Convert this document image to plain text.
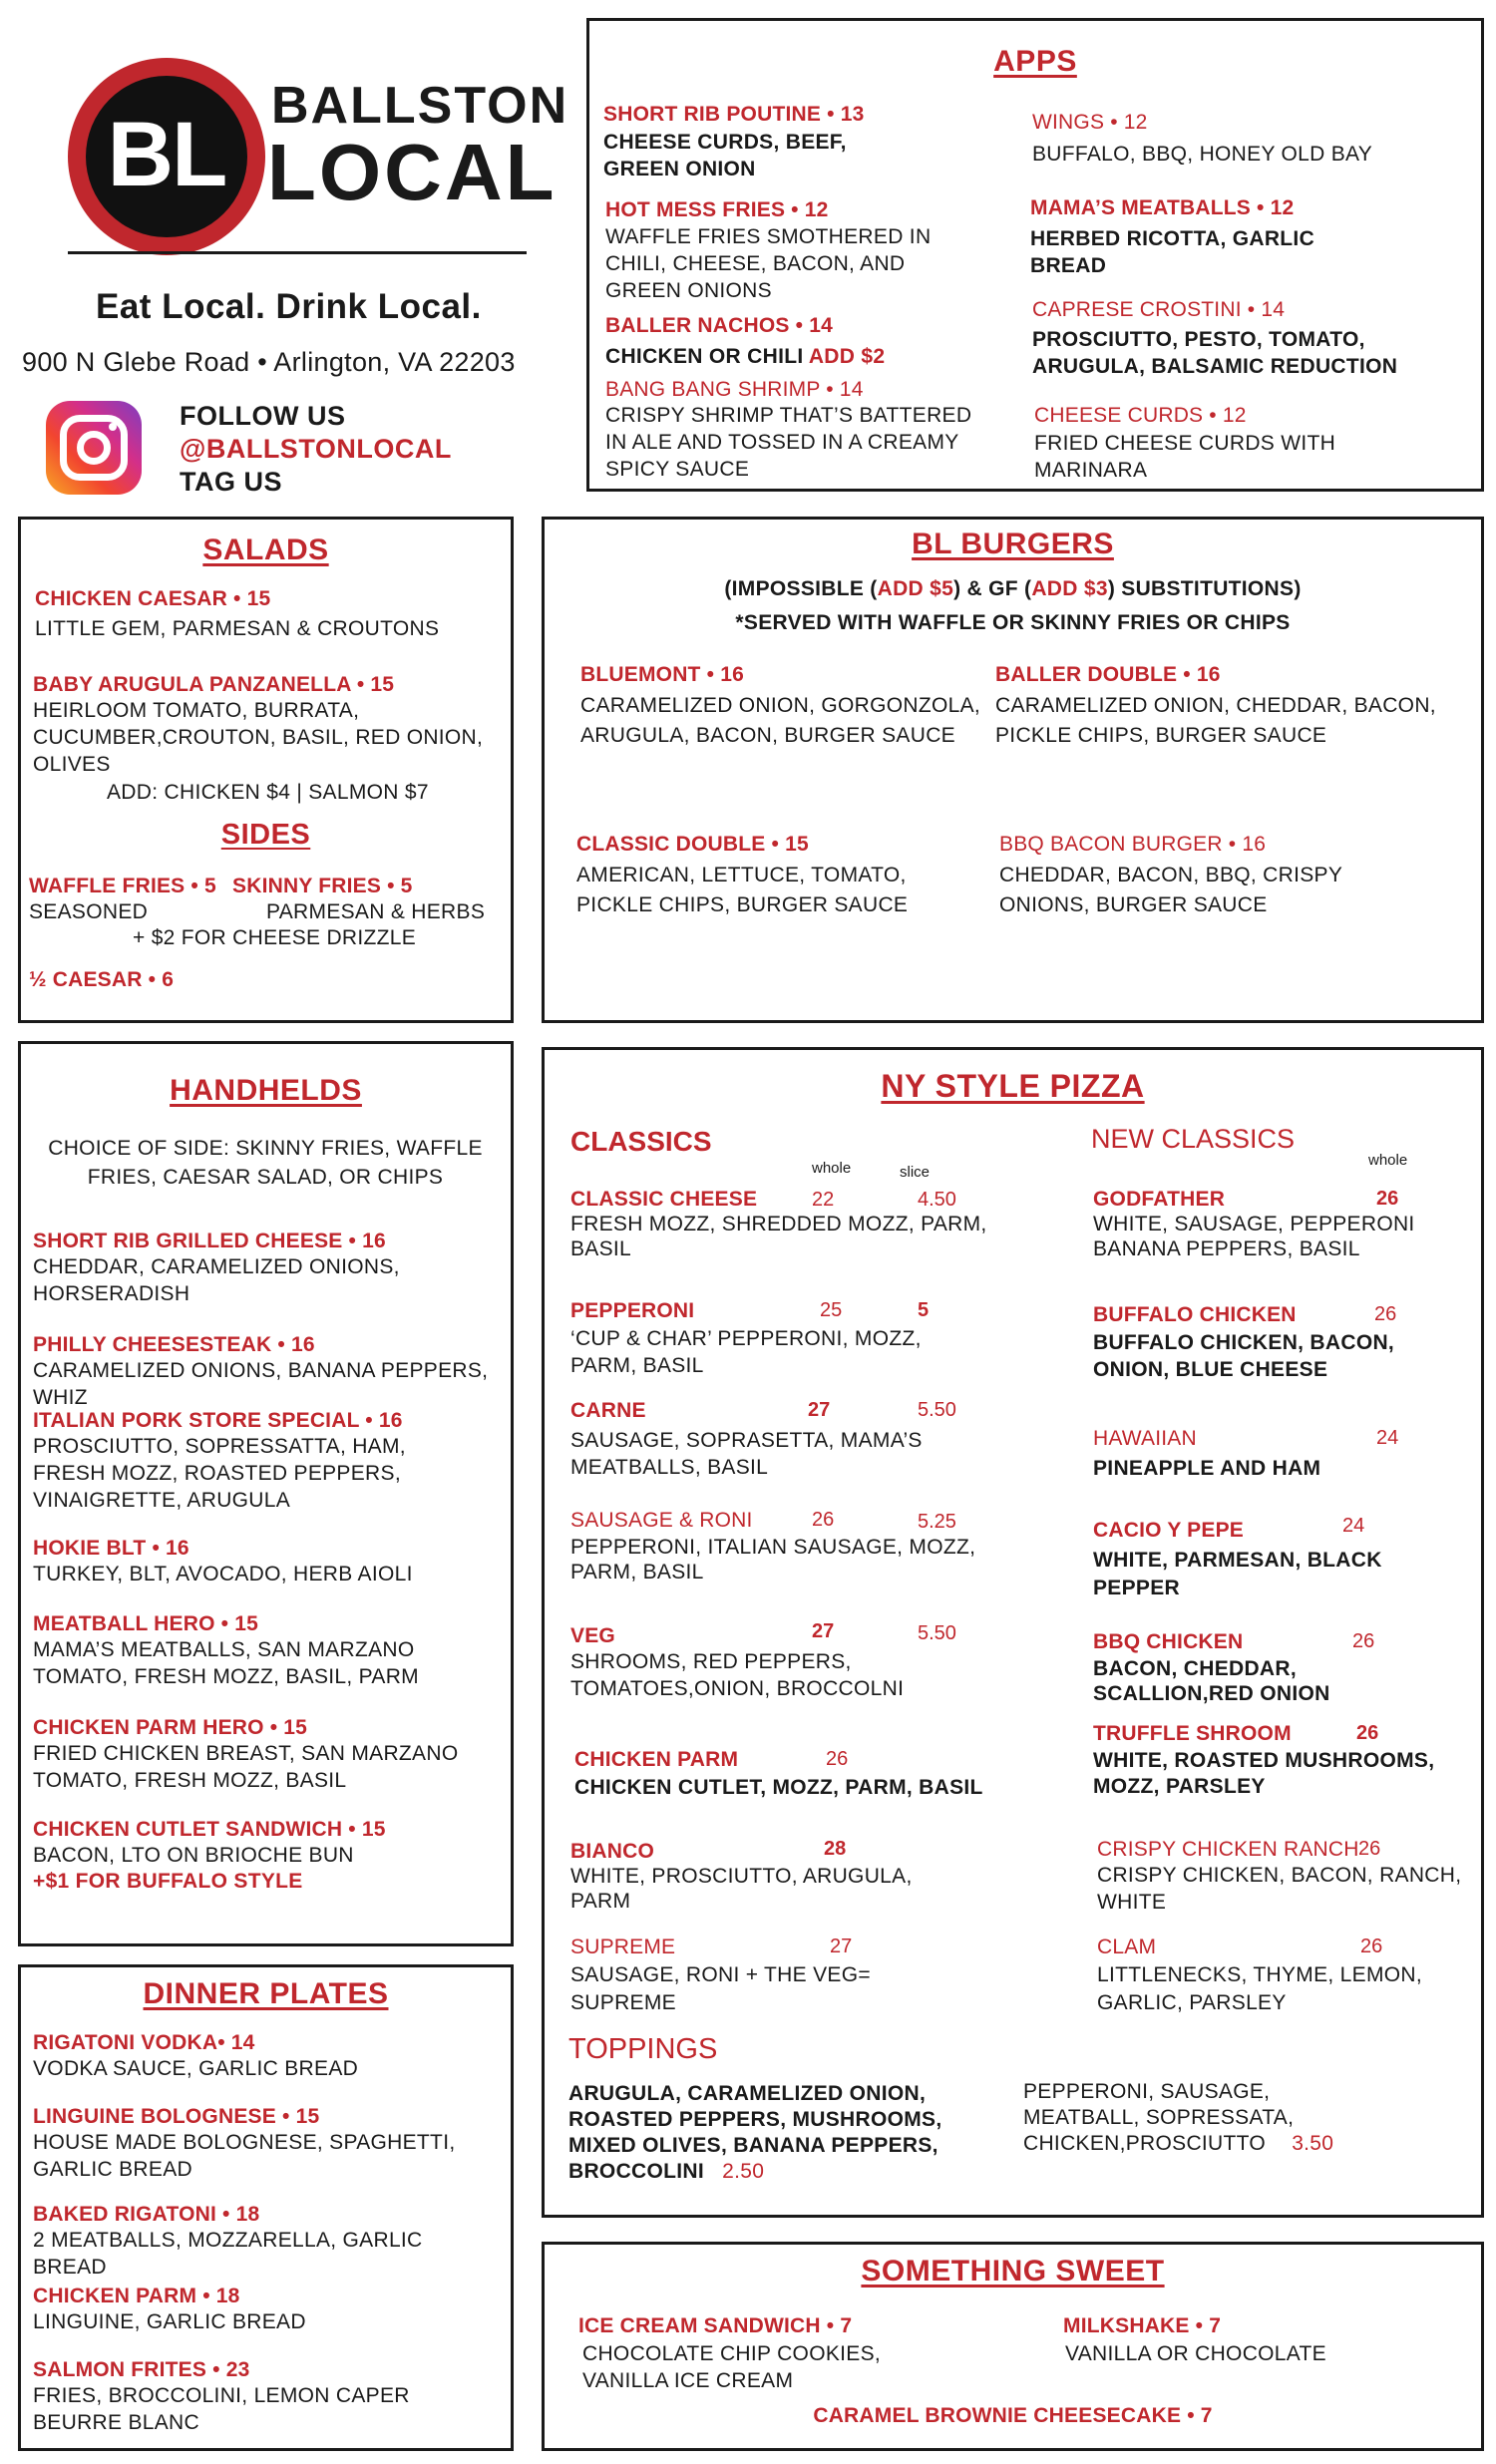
BL BALLSTON
LOCAL
Eat Local. Drink Local.
900 N Glebe Road • Arlington, VA 22203
FOLLOW US
@BALLSTONLOCAL
TAG US
APPS
SHORT RIB POUTINE • 13
CHEESE CURDS, BEEF, GREEN ONION
HOT MESS FRIES • 12
WAFFLE FRIES SMOTHERED IN CHILI, CHEESE, BACON, AND GREEN ONIONS
BALLER NACHOS • 14
CHICKEN OR CHILI ADD $2
BANG BANG SHRIMP • 14
CRISPY SHRIMP THAT’S BATTERED IN ALE AND TOSSED IN A CREAMY SPICY SAUCE
WINGS • 12
BUFFALO, BBQ, HONEY OLD BAY
MAMA’S MEATBALLS • 12
HERBED RICOTTA, GARLIC BREAD
CAPRESE CROSTINI • 14
PROSCIUTTO, PESTO, TOMATO, ARUGULA, BALSAMIC REDUCTION
CHEESE CURDS • 12
FRIED CHEESE CURDS WITH MARINARA
SALADS
CHICKEN CAESAR • 15
LITTLE GEM, PARMESAN & CROUTONS
BABY ARUGULA PANZANELLA • 15
HEIRLOOM TOMATO, BURRATA, CUCUMBER,CROUTON, BASIL, RED ONION, OLIVES
ADD: CHICKEN $4 | SALMON $7
SIDES
WAFFLE FRIES • 5
SEASONED
SKINNY FRIES • 5
PARMESAN & HERBS
+ $2 FOR CHEESE DRIZZLE
½ CAESAR • 6
BL BURGERS
(IMPOSSIBLE (ADD $5) & GF (ADD $3) SUBSTITUTIONS)
*SERVED WITH WAFFLE OR SKINNY FRIES OR CHIPS
BLUEMONT • 16
CARAMELIZED ONION, GORGONZOLA, ARUGULA, BACON, BURGER SAUCE
BALLER DOUBLE • 16
CARAMELIZED ONION, CHEDDAR, BACON, PICKLE CHIPS, BURGER SAUCE
CLASSIC DOUBLE • 15
AMERICAN, LETTUCE, TOMATO, PICKLE CHIPS, BURGER SAUCE
BBQ BACON BURGER • 16
CHEDDAR, BACON, BBQ, CRISPY ONIONS, BURGER SAUCE
HANDHELDS
CHOICE OF SIDE: SKINNY FRIES, WAFFLE FRIES, CAESAR SALAD, OR CHIPS
SHORT RIB GRILLED CHEESE • 16
CHEDDAR, CARAMELIZED ONIONS, HORSERADISH
PHILLY CHEESESTEAK • 16
CARAMELIZED ONIONS, BANANA PEPPERS, WHIZ
ITALIAN PORK STORE SPECIAL • 16
PROSCIUTTO, SOPRESSATTA, HAM, FRESH MOZZ, ROASTED PEPPERS, VINAIGRETTE, ARUGULA
HOKIE BLT • 16
TURKEY, BLT, AVOCADO, HERB AIOLI
MEATBALL HERO • 15
MAMA’S MEATBALLS, SAN MARZANO TOMATO, FRESH MOZZ, BASIL, PARM
CHICKEN PARM HERO • 15
FRIED CHICKEN BREAST, SAN MARZANO TOMATO, FRESH MOZZ, BASIL
CHICKEN CUTLET SANDWICH • 15
BACON, LTO ON BRIOCHE BUN
+$1 FOR BUFFALO STYLE
DINNER PLATES
RIGATONI VODKA• 14
VODKA SAUCE, GARLIC BREAD
LINGUINE BOLOGNESE • 15
HOUSE MADE BOLOGNESE, SPAGHETTI, GARLIC BREAD
BAKED RIGATONI • 18
2 MEATBALLS, MOZZARELLA, GARLIC BREAD
CHICKEN PARM • 18
LINGUINE, GARLIC BREAD
SALMON FRITES • 23
FRIES, BROCCOLINI, LEMON CAPER BEURRE BLANC
NY STYLE PIZZA
CLASSICS
whole	slice
CLASSIC CHEESE	22	4.50
FRESH MOZZ, SHREDDED MOZZ, PARM, BASIL
PEPPERONI	25	5
‘CUP & CHAR’ PEPPERONI, MOZZ, PARM, BASIL
CARNE	27	5.50
SAUSAGE, SOPRASETTA, MAMA’S MEATBALLS, BASIL
SAUSAGE & RONI	26	5.25
PEPPERONI, ITALIAN SAUSAGE, MOZZ, PARM, BASIL
VEG	27	5.50
SHROOMS, RED PEPPERS, TOMATOES,ONION, BROCCOLNI
CHICKEN PARM	26
CHICKEN CUTLET, MOZZ, PARM, BASIL
BIANCO	28
WHITE, PROSCIUTTO, ARUGULA, PARM
SUPREME	27
SAUSAGE, RONI + THE VEG= SUPREME
NEW CLASSICS
whole
GODFATHER	26
WHITE, SAUSAGE, PEPPERONI BANANA PEPPERS, BASIL
BUFFALO CHICKEN	26
BUFFALO CHICKEN, BACON, ONION, BLUE CHEESE
HAWAIIAN	24
PINEAPPLE AND HAM
CACIO Y PEPE	24
WHITE, PARMESAN, BLACK PEPPER
BBQ CHICKEN	26
BACON, CHEDDAR, SCALLION,RED ONION
TRUFFLE SHROOM	26
WHITE, ROASTED MUSHROOMS, MOZZ, PARSLEY
CRISPY CHICKEN RANCH 26
CRISPY CHICKEN, BACON, RANCH, WHITE
CLAM	26
LITTLENECKS, THYME, LEMON, GARLIC, PARSLEY
TOPPINGS
ARUGULA, CARAMELIZED ONION, ROASTED PEPPERS, MUSHROOMS, MIXED OLIVES, BANANA PEPPERS, BROCCOLINI 2.50
PEPPERONI, SAUSAGE, MEATBALL, SOPRESSATA, CHICKEN,PROSCIUTTO 3.50
SOMETHING SWEET
ICE CREAM SANDWICH • 7
CHOCOLATE CHIP COOKIES, VANILLA ICE CREAM
MILKSHAKE • 7
VANILLA OR CHOCOLATE
CARAMEL BROWNIE CHEESECAKE • 7
